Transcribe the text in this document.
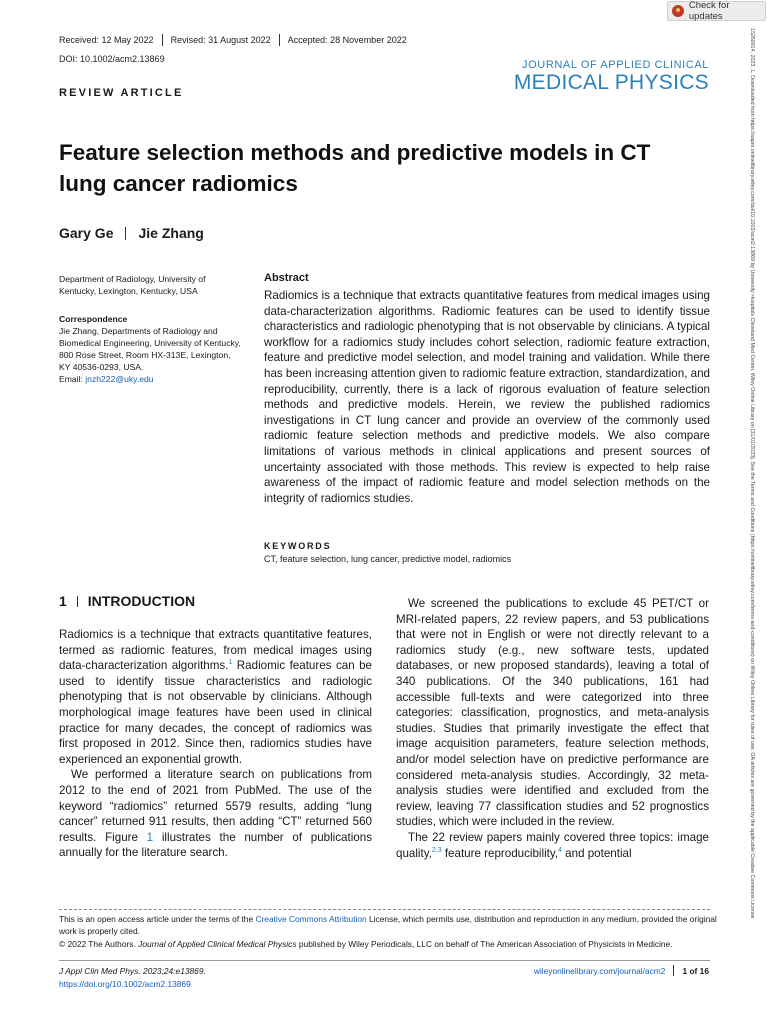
Check for updates
Received: 12 May 2022 Revised: 31 August 2022 Accepted: 28 November 2022
DOI: 10.1002/acm2.13869
REVIEW ARTICLE
JOURNAL OF APPLIED CLINICAL
MEDICAL PHYSICS
Feature selection methods and predictive models in CT lung cancer radiomics
Gary Ge Jie Zhang
Department of Radiology, University of Kentucky, Lexington, Kentucky, USA
Correspondence
Jie Zhang, Departments of Radiology and Biomedical Engineering, University of Kentucky, 800 Rose Street, Room HX-313E, Lexington, KY 40536-0293, USA.
Email: jnzh222@uky.edu
Abstract
Radiomics is a technique that extracts quantitative features from medical images using data-characterization algorithms. Radiomic features can be used to identify tissue characteristics and radiologic phenotyping that is not observable by clinicians. A typical workflow for a radiomics study includes cohort selection, radiomic feature extraction, feature and predictive model selection, and model training and validation. While there has been increasing attention given to radiomic feature extraction, standardization, and reproducibility, currently, there is a lack of rigorous evaluation of feature selection methods and predictive models. Herein, we review the published radiomics investigations in CT lung cancer and provide an overview of the commonly used radiomic feature selection methods and predictive models. We also compare limitations of various methods in clinical applications and present sources of uncertainty associated with those methods. This review is expected to help raise awareness of the impact of radiomic feature and model selection methods on the integrity of radiomics studies.
KEYWORDS
CT, feature selection, lung cancer, predictive model, radiomics
1 INTRODUCTION

Radiomics is a technique that extracts quantitative features, termed as radiomic features, from medical images using data-characterization algorithms.$^1$ Radiomic features can be used to identify tissue characteristics and radiologic phenotyping that is not observable by clinicians. Although morphological image features have been used in clinical practice for many decades, the concept of radiomics was first proposed in 2012. Since then, radiomics studies have experienced an exponential growth.

We performed a literature search on publications from 2012 to the end of 2021 from PubMed. The use of the keyword “radiomics” returned 5579 results, adding “lung cancer” returned 911 results, then adding “CT” returned 560 results. Figure 1 illustrates the number of publications annually for the literature search.

We screened the publications to exclude 45 PET/CT or MRI-related papers, 22 review papers, and 53 publications that were not in English or were not directly relevant to a radiomics study (e.g., new software tests, updated databases, or new proposed standards), leaving a total of 340 publications. Of the 340 publications, 161 had accessible full-texts and were categorized into three categories: classification, prognostics, and meta-analysis studies. Studies that primarily investigate the effect that image acquisition parameters, feature selection methods, and/or model selection have on predictive performance are considered meta-analysis studies. Accordingly, 32 meta-analysis studies were identified and excluded from the review, leaving 77 classification studies and 52 prognostics studies, which were included in the review.

The 22 review papers mainly covered three topics: image quality,$^{2,3}$ feature reproducibility,$^4$ and potential

This is an open access article under the terms of the Creative Commons Attribution License, which permits use, distribution and reproduction in any medium, provided the original work is properly cited.
© 2022 The Authors. Journal of Applied Clinical Medical Physics published by Wiley Periodicals, LLC on behalf of The American Association of Physicists in Medicine.
J Appl Clin Med Phys. 2023;24:e13869.
https://doi.org/10.1002/acm2.13869
wileyonlinelibrary.com/journal/acm2 1 of 16
15269914, 2023, 1, Downloaded from https://aapm.onlinelibrary.wiley.com/doi/10.1002/acm2.13869 by University Hospitals Cleveland Med Center, Wiley Online Library on [31/01/2023]. See the Terms and Conditions (https://onlinelibrary.wiley.com/terms-and-conditions) on Wiley Online Library for rules of use; OA articles are governed by the applicable Creative Commons License
